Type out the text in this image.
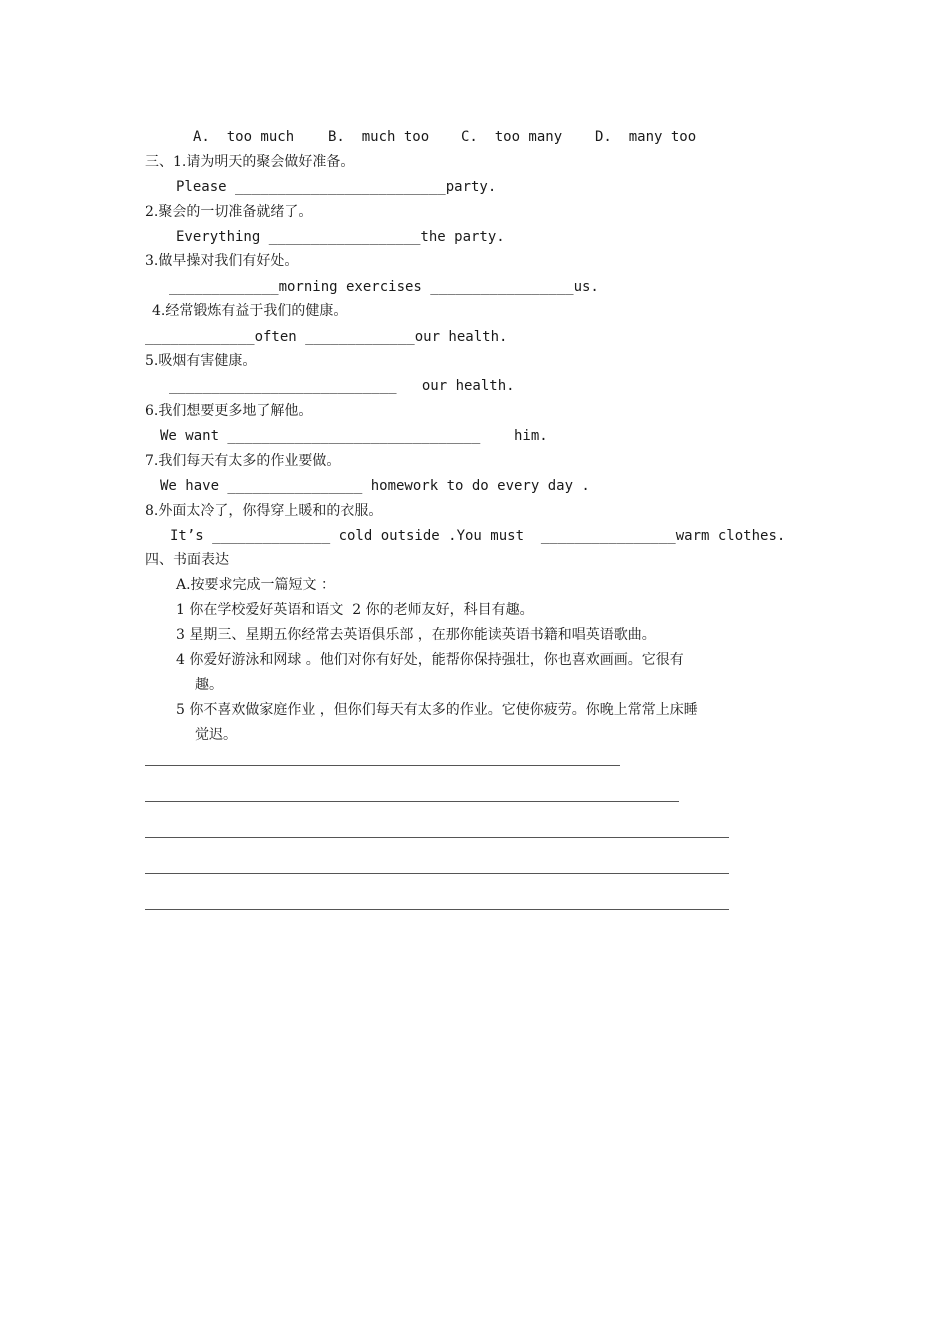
A.  too much B.  much too C.  too many D.  many too
三、1.请为明天的聚会做好准备。
Please _________________________party.
2.聚会的一切准备就绪了。
Everything __________________the party.
3.做早操对我们有好处。
_____________morning exercises _________________us.
4.经常锻炼有益于我们的健康。
_____________often _____________our health.
5.吸烟有害健康。
___________________________   our health.
6.我们想要更多地了解他。
We want ______________________________    him.
7.我们每天有太多的作业要做。
We have ________________ homework to do every day .
8.外面太冷了，你得穿上暖和的衣服。
It’s ______________ cold outside .You must  ________________warm clothes.
四、书面表达
A.按要求完成一篇短文 ：
1 你在学校爱好英语和语文  2 你的老师友好，科目有趣。
3 星期三、星期五你经常去英语俱乐部 ，在那你能读英语书籍和唱英语歌曲。
4 你爱好游泳和网球 。他们对你有好处，能帮你保持强壮，你也喜欢画画。它很有
趣。
5 你不喜欢做家庭作业 ，但你们每天有太多的作业。它使你疲劳。你晚上常常上床睡
觉迟。
